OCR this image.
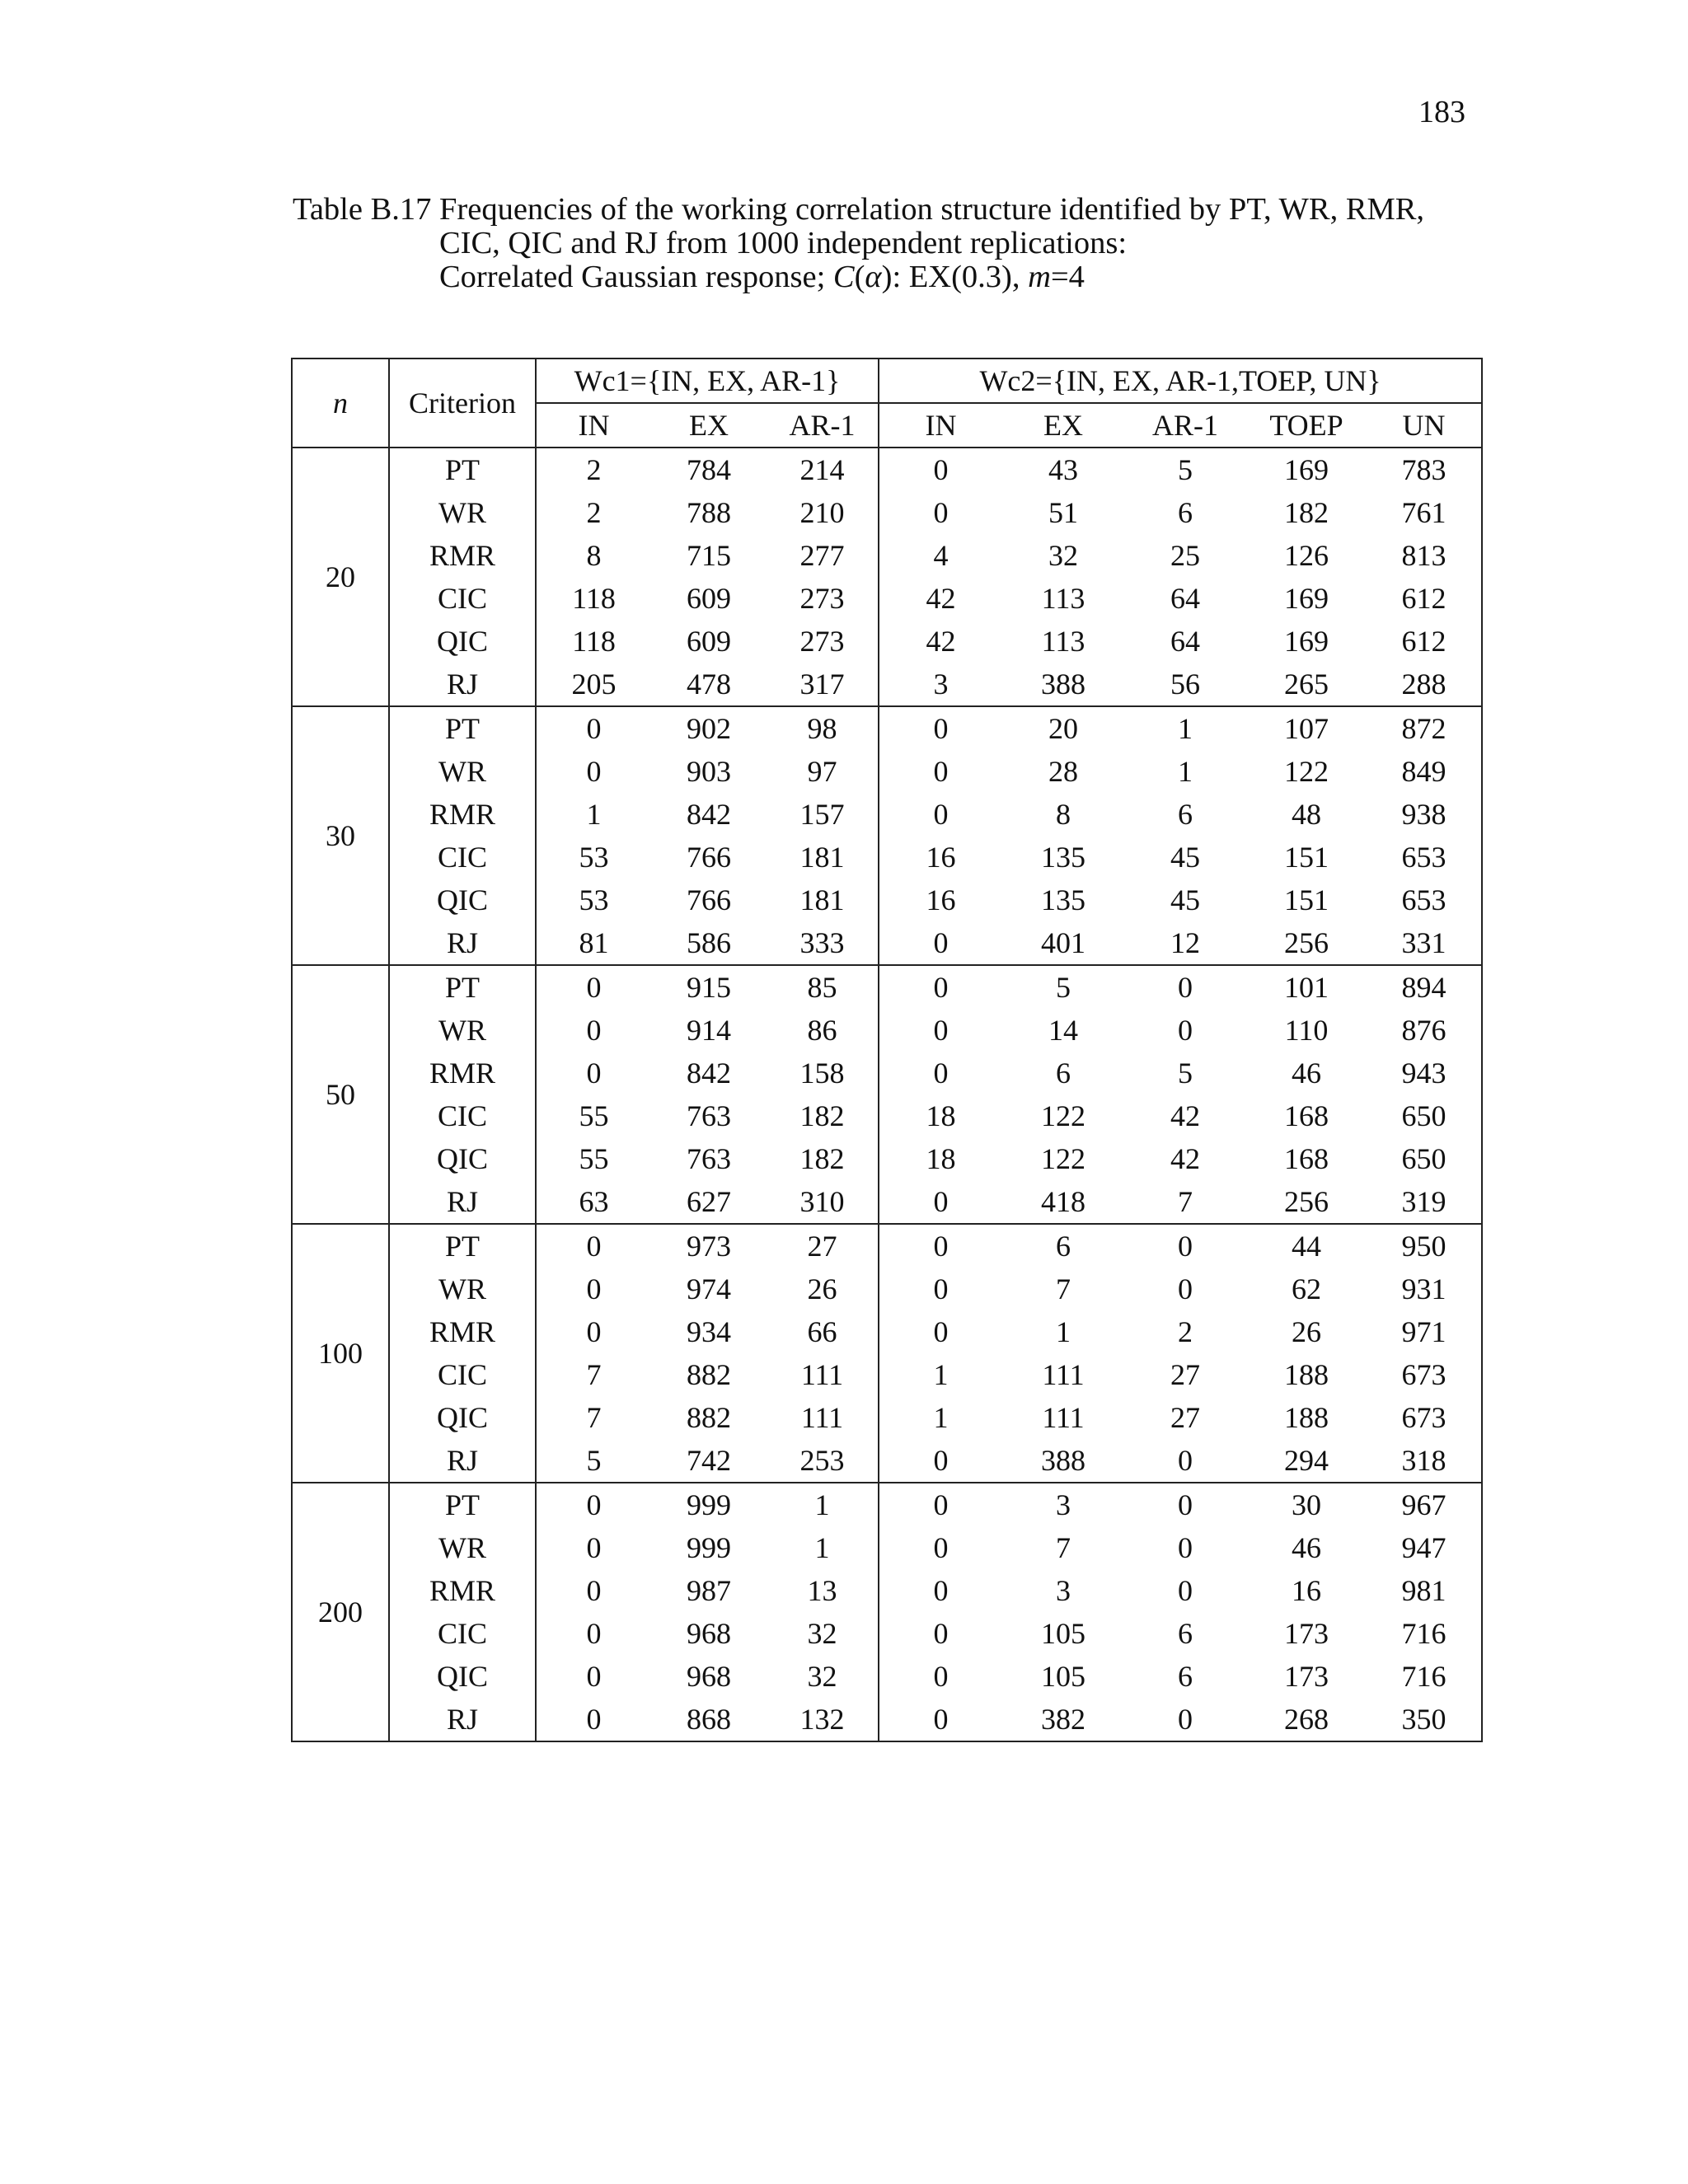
183
Table B.17 Frequencies of the working correlation structure identified by PT, WR, RMR,
CIC, QIC and RJ from 1000 independent replications:
Correlated Gaussian response; C(α): EX(0.3), m=4
n	Criterion	Wc1={IN, EX, AR-1}			Wc2={IN, EX, AR-1,TOEP, UN}				
		IN	EX	AR-1	IN	EX	AR-1	TOEP	UN
20	PT	2	784	214	0	43	5	169	783
	WR	2	788	210	0	51	6	182	761
	RMR	8	715	277	4	32	25	126	813
	CIC	118	609	273	42	113	64	169	612
	QIC	118	609	273	42	113	64	169	612
	RJ	205	478	317	3	388	56	265	288
30	PT	0	902	98	0	20	1	107	872
	WR	0	903	97	0	28	1	122	849
	RMR	1	842	157	0	8	6	48	938
	CIC	53	766	181	16	135	45	151	653
	QIC	53	766	181	16	135	45	151	653
	RJ	81	586	333	0	401	12	256	331
50	PT	0	915	85	0	5	0	101	894
	WR	0	914	86	0	14	0	110	876
	RMR	0	842	158	0	6	5	46	943
	CIC	55	763	182	18	122	42	168	650
	QIC	55	763	182	18	122	42	168	650
	RJ	63	627	310	0	418	7	256	319
100	PT	0	973	27	0	6	0	44	950
	WR	0	974	26	0	7	0	62	931
	RMR	0	934	66	0	1	2	26	971
	CIC	7	882	111	1	111	27	188	673
	QIC	7	882	111	1	111	27	188	673
	RJ	5	742	253	0	388	0	294	318
200	PT	0	999	1	0	3	0	30	967
	WR	0	999	1	0	7	0	46	947
	RMR	0	987	13	0	3	0	16	981
	CIC	0	968	32	0	105	6	173	716
	QIC	0	968	32	0	105	6	173	716
	RJ	0	868	132	0	382	0	268	350
